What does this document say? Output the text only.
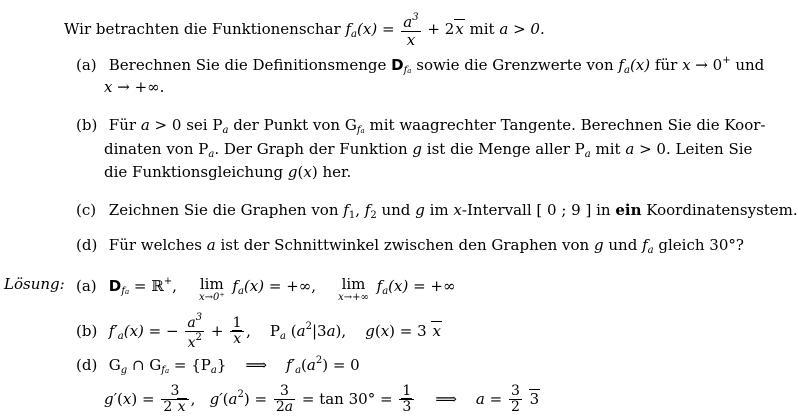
Wir betrachten die Funktionenschar $f_a(x) = \frac{a^3}{x} + 2x$ mit a > 0.
(a) Berechnen Sie die Definitionsmenge $D_{fa}$ sowie die Grenzwerte von $f_a(x)$ für x → 0+ und
x → +∞.
(b) Für a > 0 sei $P_a$ der Punkt von $G_{fa}$ mit waagrechter Tangente. Berechnen Sie die Koor-
dinaten von $P_a$. Der Graph der Funktion g ist die Menge aller $P_a$ mit a > 0. Leiten Sie
die Funktionsgleichung g(x) her.
(c) Zeichnen Sie die Graphen von $f_1$, $f_2$ und g im x-Intervall [ 0 ; 9 ] in ein Koordinatensystem.
(d) Für welches a ist der Schnittwinkel zwischen den Graphen von g und $f_a$ gleich 30°?
Lösung: (a) $D_{fa}$ = ℝ+, lim
x→0⁺
$f_a(x)$ = +∞, lim
x→+∞
$f_a(x)$ = +∞
(b) $f'_a(x)$ = − $\frac{a^3}{x^2} + \frac{1}{x}$ ,    $P_a$ $(a^2|3a)$,    g(x) = 3 x
(d) $G_g$ ∩ $G_{fa} = \{P_a\}$    ⟹ $f'_a(a^2) = 0$
$g'(x) = \frac{3}{2 x}$ ,   $g'(a^2) = \frac{3}{2a} = \tan 30^\circ = \frac{1}{3}$ ⟹ $a = \frac{3}{2} 3$
